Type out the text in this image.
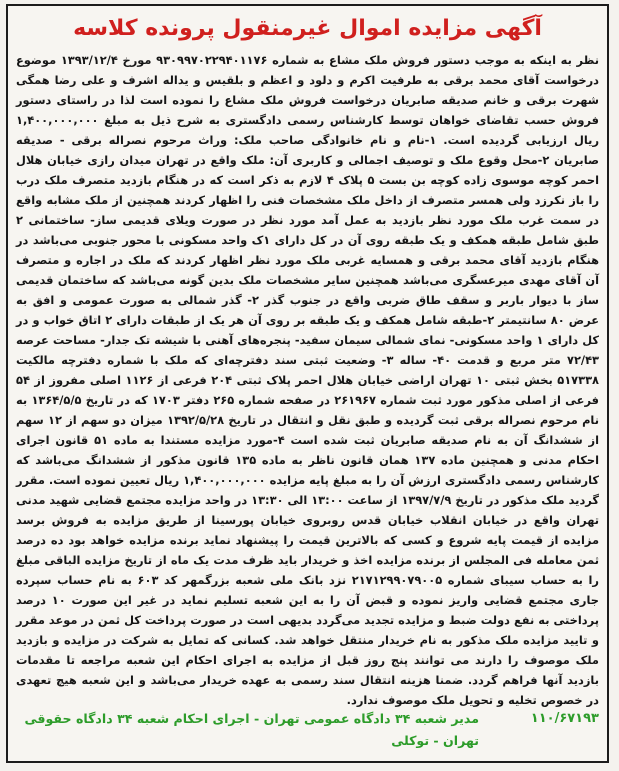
آگهی مزایده اموال غیرمنقول پرونده کلاسه
نظر به اینکه به موجب دستور فروش ملک مشاع به شماره ۹۳۰۹۹۷۰۲۲۹۴۰۱۱۷۶ مورخ ۱۳۹۳/۱۲/۴ موضوع درخواست آقای محمد برقی به طرفیت اکرم و دلود و اعظم و بلقیس و یداله اشرف و علی رضا همگی شهرت برقی و خانم صدیقه صابریان درخواست فروش ملک مشاع را نموده است لذا در راستای دستور فروش حسب تقاضای خواهان توسط کارشناس رسمی دادگستری به شرح ذیل به مبلغ ۱,۴۰۰,۰۰۰,۰۰۰ ریال ارزیابی گردیده است. ۱-نام و نام خانوادگی صاحب ملک: وراث مرحوم نصراله برقی - صدیقه صابریان ۲-محل وقوع ملک و توصیف اجمالی و کاربری آن: ملک واقع در تهران میدان رازی خیابان هلال احمر کوچه موسوی زاده کوچه بن بست ۵ پلاک ۴ لازم به ذکر است که در هنگام بازدید متصرف ملک درب را باز نکرزد ولی همسر متصرف از داخل ملک مشخصات فنی را اظهار کردند همچنین از ملک مشابه واقع در سمت غرب ملک مورد نظر بازدید به عمل آمد مورد نظر در صورت ویلای قدیمی ساز- ساختمانی ۲ طبق شامل طبقه همکف و یک طبقه روی آن در کل دارای ۱ک واحد مسکونی با محور جنوبی می‌باشد در هنگام بازدید آقای محمد برقی و همسایه غربی ملک مورد نظر اظهار کردند که ملک در اجاره و متصرف آن آقای مهدی میرعسگری می‌باشد همچنین سایر مشخصات ملک بدین گونه می‌باشد که ساختمان قدیمی ساز با دیوار باربر و سقف طاق ضربی واقع در جنوب گذر ۲- گذر شمالی به صورت عمومی و افق به عرض ۸۰ سانتیمتر ۲-طبقه شامل همکف و یک طبقه بر روی آن هر یک از طبقات دارای ۲ اتاق خواب و در کل دارای ۱ واحد مسکونی- نمای شمالی سیمان سفید- پنجره‌های آهنی با شیشه تک جدار- مساحت عرصه ۷۲/۴۳ متر مربع و قدمت ۴۰- ساله ۳- وضعیت ثبتی سند دفترچه‌ای که ملک با شماره دفترچه مالکیت ۵۱۷۳۳۸ بخش ثبتی ۱۰ تهران اراضی خیابان هلال احمر پلاک ثبتی ۲۰۴ فرعی از ۱۱۲۶ اصلی مفروز از ۵۴ فرعی از اصلی مذکور مورد ثبت شماره ۲۶۱۹۶۷ در صفحه شماره ۲۶۵ دفتر ۱۷۰۳ که در تاریخ ۱۳۶۴/۵/۵ به نام مرحوم نصراله برقی ثبت گردیده و طبق نقل و انتقال در تاریخ ۱۳۹۲/۵/۲۸ میزان دو سهم از ۱۲ سهم از ششدانگ آن به نام صدیقه صابریان ثبت شده است ۴-مورد مزایده مستندا به ماده ۵۱ قانون اجرای احکام مدنی و همچنین ماده ۱۳۷ همان قانون ناظر به ماده ۱۳۵ قانون مذکور از ششدانگ می‌باشد که کارشناس رسمی دادگستری ارزش آن را به مبلغ پایه مزایده ۱,۴۰۰,۰۰۰,۰۰۰ ریال تعیین نموده است. مقرر گردید ملک مذکور در تاریخ ۱۳۹۷/۷/۹ از ساعت ۱۳:۰۰ الی ۱۳:۳۰ در واحد مزایده مجتمع قضایی شهید مدنی تهران واقع در خیابان انقلاب خیابان قدس روبروی خیابان پورسینا از طریق مزایده به فروش برسد مزایده از قیمت پایه شروع و کسی که بالاترین قیمت را پیشنهاد نماید برنده مزایده خواهد بود ده درصد ثمن معامله فی المجلس از برنده مزایده اخذ و خریدار باید ظرف مدت یک ماه از تاریخ مزایده الباقی مبلغ را به حساب سیبای شماره ۲۱۷۱۲۹۹۰۷۹۰۰۵ نزد بانک ملی شعبه بزرگمهر کد ۶۰۳ به نام حساب سپرده جاری مجتمع قضایی واریز نموده و قبض آن را به این شعبه تسلیم نماید در غیر این صورت ۱۰ درصد پرداختی به نفع دولت ضبط و مزایده تجدید می‌گردد بدیهی است در صورت پرداخت کل ثمن در موعد مقرر و تایید مزایده ملک مذکور به نام خریدار منتقل خواهد شد. کسانی که تمایل به شرکت در مزایده و بازدید ملک موصوف را دارند می توانند پنج روز قبل از مزایده به اجرای احکام این شعبه مراجعه تا مقدمات بازدید آنها فراهم گردد. ضمنا هزینه انتقال سند رسمی به عهده خریدار می‌باشد و این شعبه هیچ تعهدی در خصوص تخلیه و تحویل ملک موصوف ندارد.
۱۱۰/۶۷۱۹۳
مدیر شعبه ۳۴ دادگاه عمومی تهران - اجرای احکام شعبه ۳۴ دادگاه حقوقی تهران - توکلی
